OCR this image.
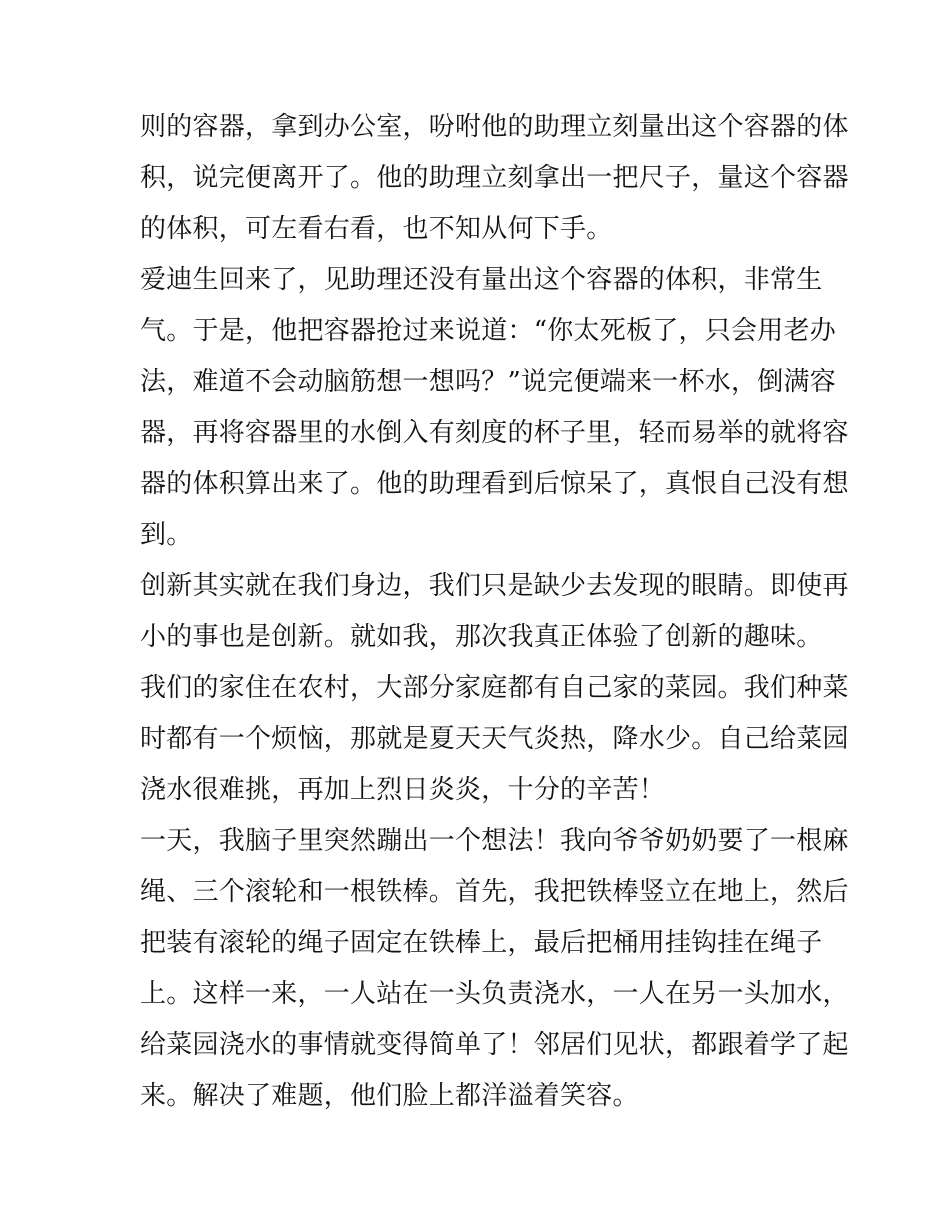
则的容器，拿到办公室，吩咐他的助理立刻量出这个容器的体
积，说完便离开了。他的助理立刻拿出一把尺子，量这个容器
的体积，可左看右看，也不知从何下手。
爱迪生回来了，见助理还没有量出这个容器的体积，非常生
气。于是，他把容器抢过来说道：“你太死板了，只会用老办
法，难道不会动脑筋想一想吗？”说完便端来一杯水，倒满容
器，再将容器里的水倒入有刻度的杯子里，轻而易举的就将容
器的体积算出来了。他的助理看到后惊呆了，真恨自己没有想
到。
创新其实就在我们身边，我们只是缺少去发现的眼睛。即使再
小的事也是创新。就如我，那次我真正体验了创新的趣味。
我们的家住在农村，大部分家庭都有自己家的菜园。我们种菜
时都有一个烦恼，那就是夏天天气炎热，降水少。自己给菜园
浇水很难挑，再加上烈日炎炎，十分的辛苦！
一天，我脑子里突然蹦出一个想法！我向爷爷奶奶要了一根麻
绳、三个滚轮和一根铁棒。首先，我把铁棒竖立在地上，然后
把装有滚轮的绳子固定在铁棒上，最后把桶用挂钩挂在绳子
上。这样一来，一人站在一头负责浇水，一人在另一头加水，
给菜园浇水的事情就变得简单了！邻居们见状，都跟着学了起
来。解决了难题，他们脸上都洋溢着笑容。
